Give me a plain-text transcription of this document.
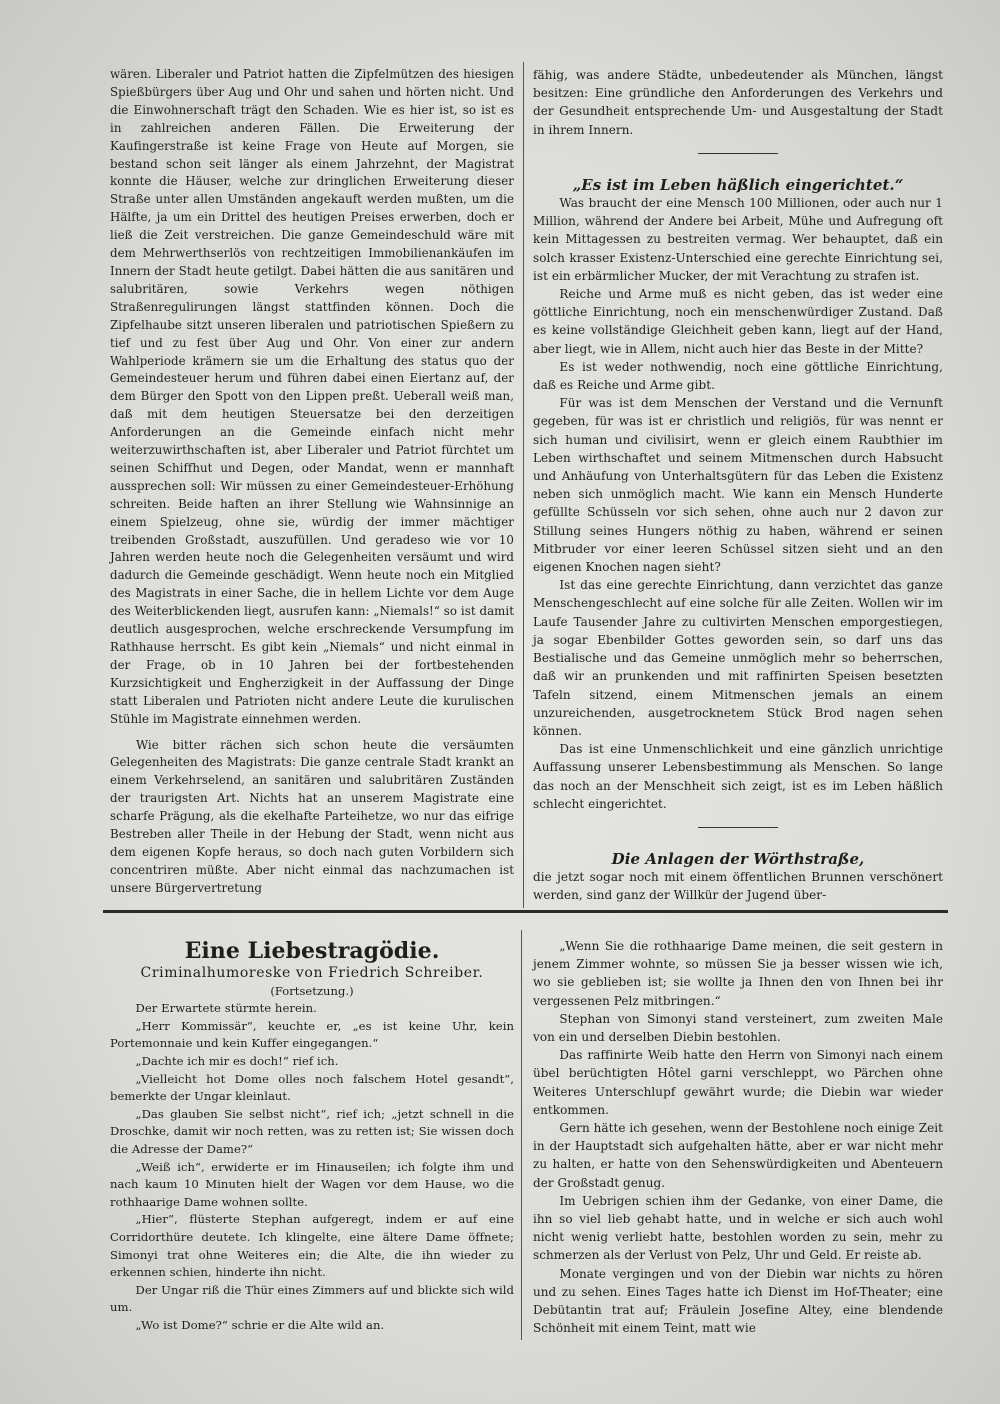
wären. Liberaler und Patriot hatten die Zipfelmützen des hiesigen Spießbürgers über Aug und Ohr und sahen und hörten nicht. Und die Einwohnerschaft trägt den Schaden. Wie es hier ist, so ist es in zahlreichen anderen Fällen. Die Erweiterung der Kaufingerstraße ist keine Frage von Heute auf Morgen, sie bestand schon seit länger als einem Jahrzehnt, der Magistrat konnte die Häuser, welche zur dringlichen Erweiterung dieser Straße unter allen Umständen angekauft werden mußten, um die Hälfte, ja um ein Drittel des heutigen Preises erwerben, doch er ließ die Zeit verstreichen. Die ganze Gemeindeschuld wäre mit dem Mehrwerthserlös von rechtzeitigen Immobilienankäufen im Innern der Stadt heute getilgt. Dabei hätten die aus sanitären und salubritären, sowie Verkehrs wegen nöthigen Straßenregulirungen längst stattfinden können. Doch die Zipfelhaube sitzt unseren liberalen und patriotischen Spießern zu tief und zu fest über Aug und Ohr. Von einer zur andern Wahlperiode krämern sie um die Erhaltung des status quo der Gemeindesteuer herum und führen dabei einen Eiertanz auf, der dem Bürger den Spott von den Lippen preßt. Ueberall weiß man, daß mit dem heutigen Steuersatze bei den derzeitigen Anforderungen an die Gemeinde einfach nicht mehr weiterzuwirthschaften ist, aber Liberaler und Patriot fürchtet um seinen Schiffhut und Degen, oder Mandat, wenn er mannhaft aussprechen soll: Wir müssen zu einer Gemeindesteuer-Erhöhung schreiten. Beide haften an ihrer Stellung wie Wahnsinnige an einem Spielzeug, ohne sie, würdig der immer mächtiger treibenden Großstadt, auszufüllen. Und geradeso wie vor 10 Jahren werden heute noch die Gelegenheiten versäumt und wird dadurch die Gemeinde geschädigt. Wenn heute noch ein Mitglied des Magistrats in einer Sache, die in hellem Lichte vor dem Auge des Weiterblickenden liegt, ausrufen kann: „Niemals!“ so ist damit deutlich ausgesprochen, welche erschreckende Versumpfung im Rathhause herrscht. Es gibt kein „Niemals“ und nicht einmal in der Frage, ob in 10 Jahren bei der fortbestehenden Kurzsichtigkeit und Engherzigkeit in der Auffassung der Dinge statt Liberalen und Patrioten nicht andere Leute die kurulischen Stühle im Magistrate einnehmen werden.

Wie bitter rächen sich schon heute die versäumten Gelegenheiten des Magistrats: Die ganze centrale Stadt krankt an einem Verkehrselend, an sanitären und salubritären Zuständen der traurigsten Art. Nichts hat an unserem Magistrate eine scharfe Prägung, als die ekelhafte Parteihetze, wo nur das eifrige Bestreben aller Theile in der Hebung der Stadt, wenn nicht aus dem eigenen Kopfe heraus, so doch nach guten Vorbildern sich concentriren müßte. Aber nicht einmal das nachzumachen ist unsere Bürgervertretung

fähig, was andere Städte, unbedeutender als München, längst besitzen: Eine gründliche den Anforderungen des Verkehrs und der Gesundheit entsprechende Um- und Ausgestaltung der Stadt in ihrem Innern.

„Es ist im Leben häßlich eingerichtet.“

Was braucht der eine Mensch 100 Millionen, oder auch nur 1 Million, während der Andere bei Arbeit, Mühe und Aufregung oft kein Mittagessen zu bestreiten vermag. Wer behauptet, daß ein solch krasser Existenz-Unterschied eine gerechte Einrichtung sei, ist ein erbärmlicher Mucker, der mit Verachtung zu strafen ist.

Reiche und Arme muß es nicht geben, das ist weder eine göttliche Einrichtung, noch ein menschenwürdiger Zustand. Daß es keine vollständige Gleichheit geben kann, liegt auf der Hand, aber liegt, wie in Allem, nicht auch hier das Beste in der Mitte?

Es ist weder nothwendig, noch eine göttliche Einrichtung, daß es Reiche und Arme gibt.

Für was ist dem Menschen der Verstand und die Vernunft gegeben, für was ist er christlich und religiös, für was nennt er sich human und civilisirt, wenn er gleich einem Raubthier im Leben wirthschaftet und seinem Mitmenschen durch Habsucht und Anhäufung von Unterhaltsgütern für das Leben die Existenz neben sich unmöglich macht. Wie kann ein Mensch Hunderte gefüllte Schüsseln vor sich sehen, ohne auch nur 2 davon zur Stillung seines Hungers nöthig zu haben, während er seinen Mitbruder vor einer leeren Schüssel sitzen sieht und an den eigenen Knochen nagen sieht?

Ist das eine gerechte Einrichtung, dann verzichtet das ganze Menschengeschlecht auf eine solche für alle Zeiten. Wollen wir im Laufe Tausender Jahre zu cultivirten Menschen emporgestiegen, ja sogar Ebenbilder Gottes geworden sein, so darf uns das Bestialische und das Gemeine unmöglich mehr so beherrschen, daß wir an prunkenden und mit raffinirten Speisen besetzten Tafeln sitzend, einem Mitmenschen jemals an einem unzureichenden, ausgetrocknetem Stück Brod nagen sehen können.

Das ist eine Unmenschlichkeit und eine gänzlich unrichtige Auffassung unserer Lebensbestimmung als Menschen. So lange das noch an der Menschheit sich zeigt, ist es im Leben häßlich schlecht eingerichtet.

Die Anlagen der Wörthstraße,

die jetzt sogar noch mit einem öffentlichen Brunnen verschönert werden, sind ganz der Willkür der Jugend über-

Eine Liebestragödie.

Criminalhumoreske von Friedrich Schreiber.

(Fortsetzung.)

Der Erwartete stürmte herein.

„Herr Kommissär“, keuchte er, „es ist keine Uhr, kein Portemonnaie und kein Kuffer eingegangen.“

„Dachte ich mir es doch!“ rief ich.

„Vielleicht hot Dome olles noch falschem Hotel gesandt“, bemerkte der Ungar kleinlaut.

„Das glauben Sie selbst nicht“, rief ich; „jetzt schnell in die Droschke, damit wir noch retten, was zu retten ist; Sie wissen doch die Adresse der Dame?“

„Weiß ich“, erwiderte er im Hinauseilen; ich folgte ihm und nach kaum 10 Minuten hielt der Wagen vor dem Hause, wo die rothhaarige Dame wohnen sollte.

„Hier“, flüsterte Stephan aufgeregt, indem er auf eine Corridorthüre deutete. Ich klingelte, eine ältere Dame öffnete; Simonyi trat ohne Weiteres ein; die Alte, die ihn wieder zu erkennen schien, hinderte ihn nicht.

Der Ungar riß die Thür eines Zimmers auf und blickte sich wild um.

„Wo ist Dome?“ schrie er die Alte wild an.

„Wenn Sie die rothhaarige Dame meinen, die seit gestern in jenem Zimmer wohnte, so müssen Sie ja besser wissen wie ich, wo sie geblieben ist; sie wollte ja Ihnen den von Ihnen bei ihr vergessenen Pelz mitbringen.“

Stephan von Simonyi stand versteinert, zum zweiten Male von ein und derselben Diebin bestohlen.

Das raffinirte Weib hatte den Herrn von Simonyi nach einem übel berüchtigten Hôtel garni verschleppt, wo Pärchen ohne Weiteres Unterschlupf gewährt wurde; die Diebin war wieder entkommen.

Gern hätte ich gesehen, wenn der Bestohlene noch einige Zeit in der Hauptstadt sich aufgehalten hätte, aber er war nicht mehr zu halten, er hatte von den Sehenswürdigkeiten und Abenteuern der Großstadt genug.

Im Uebrigen schien ihm der Gedanke, von einer Dame, die ihn so viel lieb gehabt hatte, und in welche er sich auch wohl nicht wenig verliebt hatte, bestohlen worden zu sein, mehr zu schmerzen als der Verlust von Pelz, Uhr und Geld. Er reiste ab.

Monate vergingen und von der Diebin war nichts zu hören und zu sehen. Eines Tages hatte ich Dienst im Hof-Theater; eine Debütantin trat auf; Fräulein Josefine Altey, eine blendende Schönheit mit einem Teint, matt wie
